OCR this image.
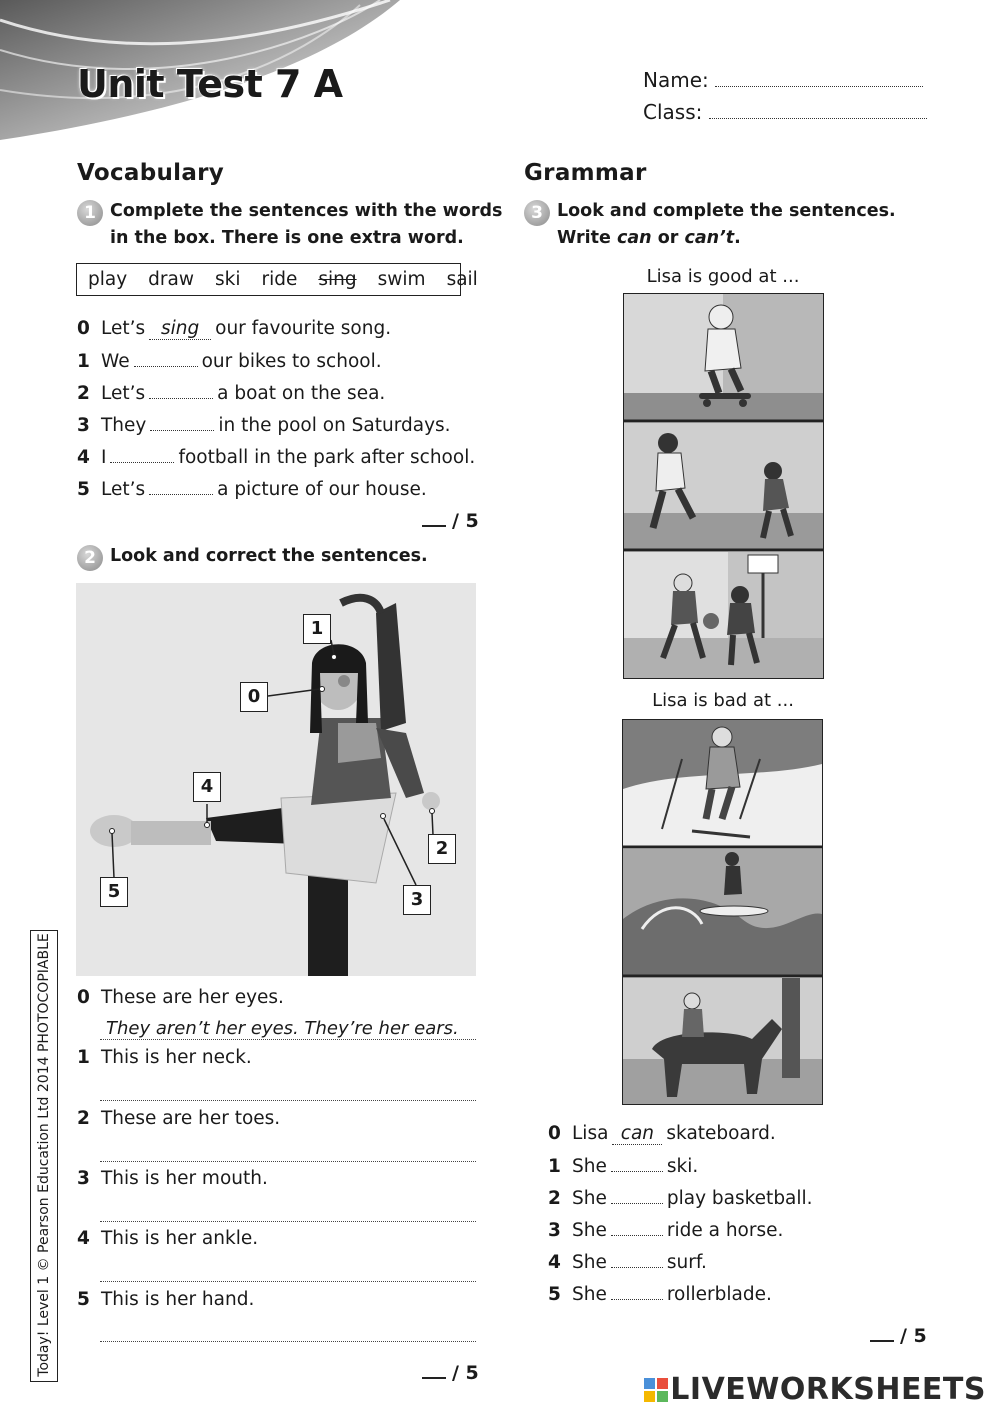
Unit Test 7 A	Name:
Class:
Vocabulary
1 Complete the sentences with the words
in the box. There is one extra word.
play draw ski ride sing swim sail
0 Let’s sing our favourite song.
1 We	our bikes to school.
2 Let’s	a boat on the sea.
3 They	in the pool on Saturdays.
4 I	football in the park after school.
5 Let’s	a picture of our house.
/ 5
2 Look and correct the sentences.
0
1
2
3
4
5
0 These are her eyes.
They aren’t her eyes. They’re her ears.
1 This is her neck.
2 These are her toes.
3 This is her mouth.
4 This is her ankle.
5 This is her hand.
/ 5
Grammar
3 Look and complete the sentences.
Write can or can’t.
Lisa is good at ...
Lisa is bad at ...
0 Lisa can skateboard.
1 She	ski.
2 She	play basketball.
3 She	ride a horse.
4 She	surf.
5 She	rollerblade.
/ 5
Today! Level 1 © Pearson Education Ltd 2014 PHOTOCOPIABLE
LIVEWORKSHEETS
